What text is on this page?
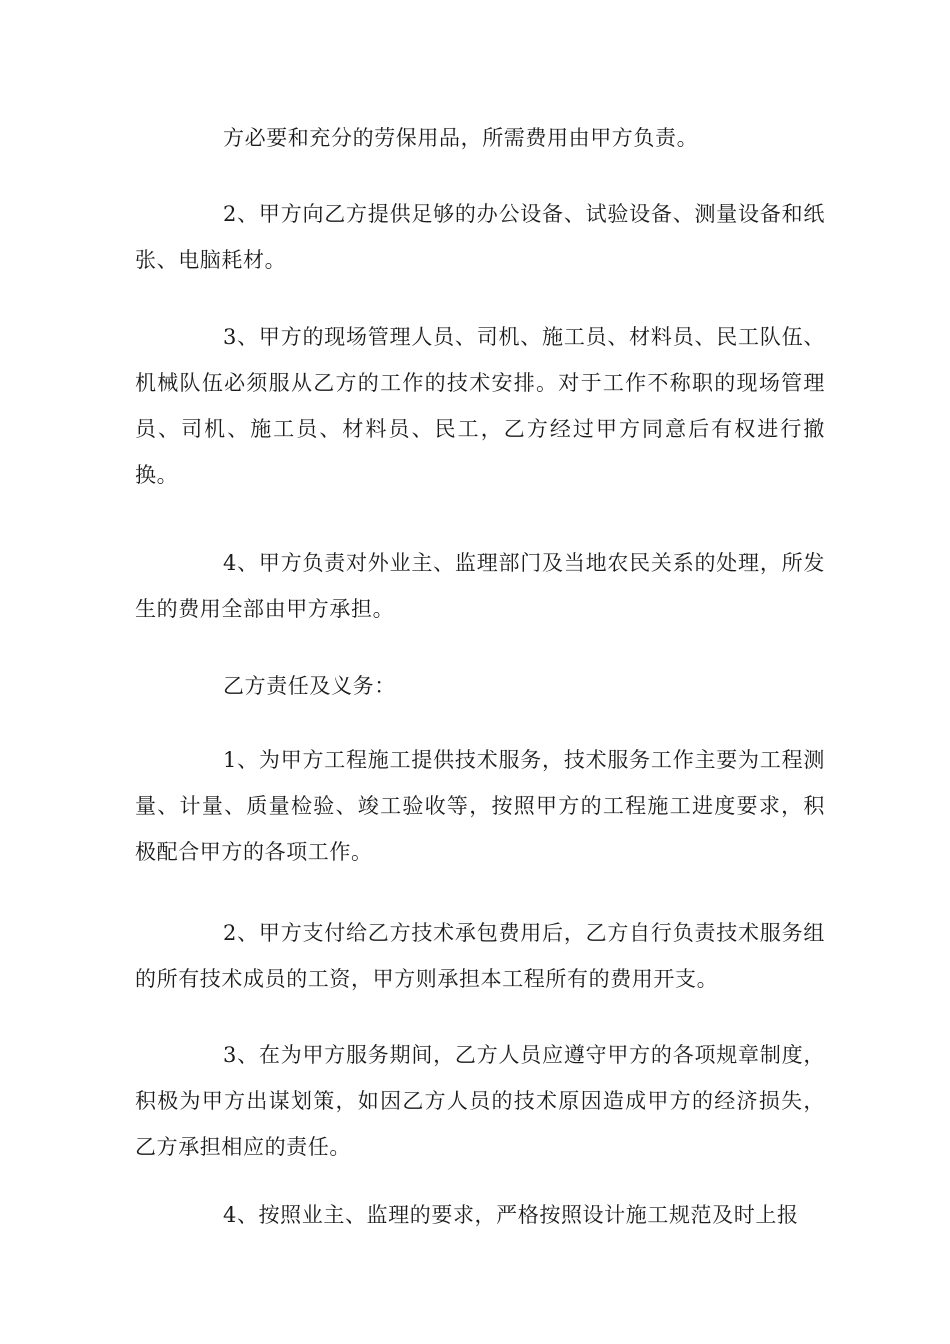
方必要和充分的劳保用品，所需费用由甲方负责。

2、甲方向乙方提供足够的办公设备、试验设备、测量设备和纸张、电脑耗材。

3、甲方的现场管理人员、司机、施工员、材料员、民工队伍、机械队伍必须服从乙方的工作的技术安排。对于工作不称职的现场管理员、司机、施工员、材料员、民工，乙方经过甲方同意后有权进行撤换。

4、甲方负责对外业主、监理部门及当地农民关系的处理，所发生的费用全部由甲方承担。

乙方责任及义务：

1、为甲方工程施工提供技术服务，技术服务工作主要为工程测量、计量、质量检验、竣工验收等，按照甲方的工程施工进度要求，积极配合甲方的各项工作。

2、甲方支付给乙方技术承包费用后，乙方自行负责技术服务组的所有技术成员的工资，甲方则承担本工程所有的费用开支。

3、在为甲方服务期间，乙方人员应遵守甲方的各项规章制度，积极为甲方出谋划策，如因乙方人员的技术原因造成甲方的经济损失，乙方承担相应的责任。

4、按照业主、监理的要求，严格按照设计施工规范及时上报
